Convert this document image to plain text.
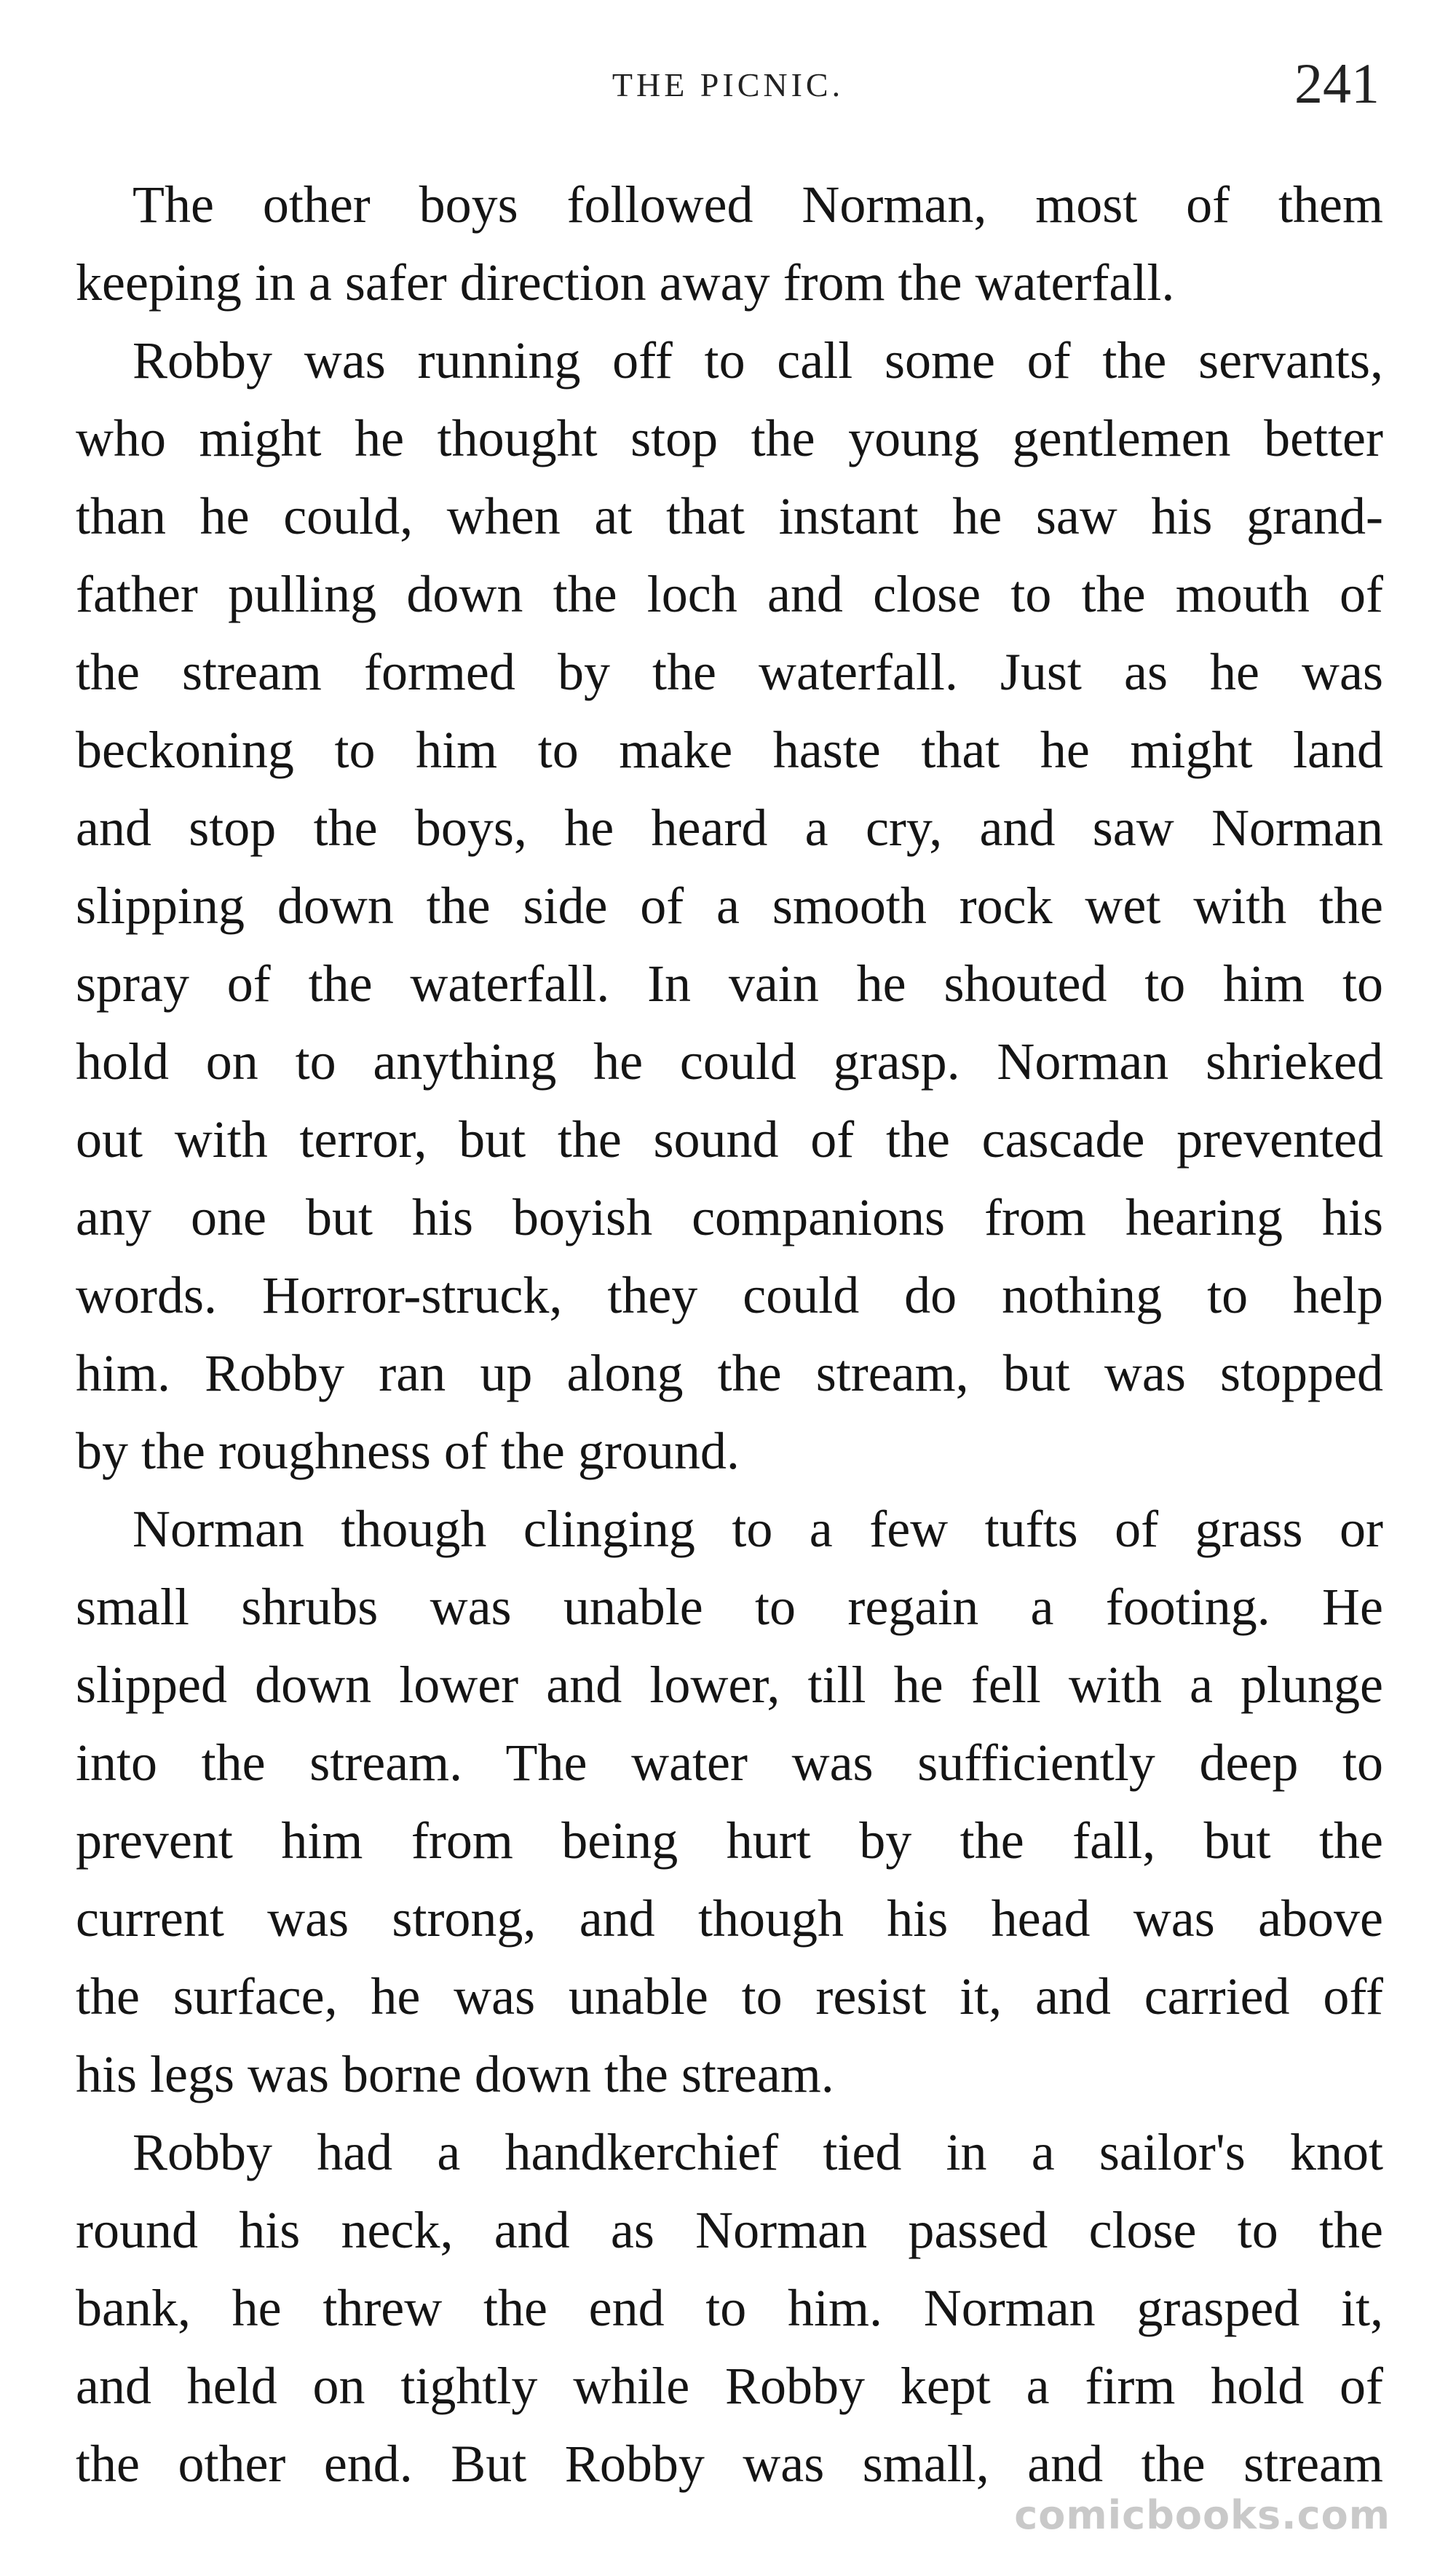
THE PICNIC.	241
The other boys followed Norman, most of them
keeping in a safer direction away from the waterfall.
Robby was running off to call some of the servants,
who might he thought stop the young gentlemen better
than he could, when at that instant he saw his grand-
father pulling down the loch and close to the mouth of
the stream formed by the waterfall. Just as he was
beckoning to him to make haste that he might land
and stop the boys, he heard a cry, and saw Norman
slipping down the side of a smooth rock wet with the
spray of the waterfall. In vain he shouted to him to
hold on to anything he could grasp. Norman shrieked
out with terror, but the sound of the cascade prevented
any one but his boyish companions from hearing his
words. Horror-struck, they could do nothing to help
him. Robby ran up along the stream, but was stopped
by the roughness of the ground.
Norman though clinging to a few tufts of grass or
small shrubs was unable to regain a footing. He
slipped down lower and lower, till he fell with a plunge
into the stream. The water was sufficiently deep to
prevent him from being hurt by the fall, but the
current was strong, and though his head was above
the surface, he was unable to resist it, and carried off
his legs was borne down the stream.
Robby had a handkerchief tied in a sailor's knot
round his neck, and as Norman passed close to the
bank, he threw the end to him. Norman grasped it,
and held on tightly while Robby kept a firm hold of
the other end. But Robby was small, and the stream
comicbooks.com
